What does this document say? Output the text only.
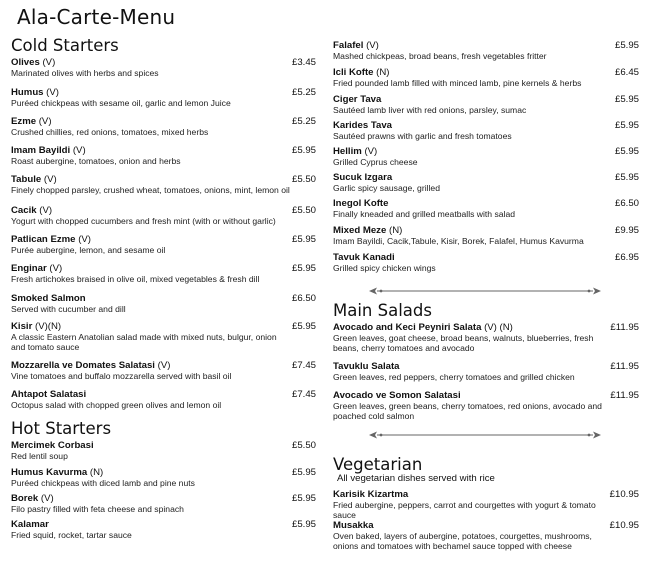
Ala-Carte-Menu
Cold Starters
Olives (V)
Marinated olives with herbs and spices
£3.45
Humus (V)
Puréed chickpeas with sesame oil, garlic and lemon Juice
£5.25
Ezme (V)
Crushed chillies, red onions, tomatoes, mixed herbs
£5.25
Imam Bayildi (V)
Roast aubergine, tomatoes, onion and herbs
£5.95
Tabule (V)
Finely chopped parsley, crushed wheat, tomatoes, onions, mint, lemon oil
£5.50
Cacik (V)
Yogurt with chopped cucumbers and fresh mint (with or without garlic)
£5.50
Patlican Ezme (V)
Purée aubergine, lemon, and sesame oil
£5.95
Enginar (V)
Fresh artichokes braised in olive oil, mixed vegetables & fresh dill
£5.95
Smoked Salmon
Served with cucumber and dill
£6.50
Kisir (V)(N)
A classic Eastern Anatolian salad made with mixed nuts, bulgur, onion and tomato sauce
£5.95
Mozzarella ve Domates Salatasi (V)
Vine tomatoes and buffalo mozzarella served with basil oil
£7.45
Ahtapot Salatasi
Octopus salad with chopped green olives and lemon oil
£7.45
Hot Starters
Mercimek Corbasi
Red lentil soup
£5.50
Humus Kavurma (N)
Puréed chickpeas with diced lamb and pine nuts
£5.95
Borek (V)
Filo pastry filled with feta cheese and spinach
£5.95
Kalamar
Fried squid, rocket, tartar sauce
£5.95
Falafel (V)
Mashed chickpeas, broad beans, fresh vegetables fritter
£5.95
Icli Kofte (N)
Fried pounded lamb filled with minced lamb, pine kernels & herbs
£6.45
Ciger Tava
Sautéed lamb liver with red onions, parsley, sumac
£5.95
Karides Tava
Sautéed prawns with garlic and fresh tomatoes
£5.95
Hellim (V)
Grilled Cyprus cheese
£5.95
Sucuk Izgara
Garlic spicy sausage, grilled
£5.95
Inegol Kofte
Finally kneaded and grilled meatballs with salad
£6.50
Mixed Meze (N)
Imam Bayildi, Cacik,Tabule, Kisir, Borek, Falafel, Humus Kavurma
£9.95
Tavuk Kanadi
Grilled spicy chicken wings
£6.95
Main Salads
Avocado and Keci Peyniri Salata (V) (N)
Green leaves, goat cheese, broad beans, walnuts, blueberries, fresh beans, cherry tomatoes and avocado
£11.95
Tavuklu Salata
Green leaves, red peppers, cherry tomatoes and grilled chicken
£11.95
Avocado ve Somon Salatasi
Green leaves, green beans, cherry tomatoes, red onions, avocado and poached cold salmon
£11.95
Vegetarian
All vegetarian dishes served with rice
Karisik Kizartma
Fried aubergine, peppers, carrot and courgettes with yogurt & tomato sauce
£10.95
Musakka
Oven baked, layers of aubergine, potatoes, courgettes, mushrooms, onions and tomatoes with bechamel sauce topped with cheese
£10.95
